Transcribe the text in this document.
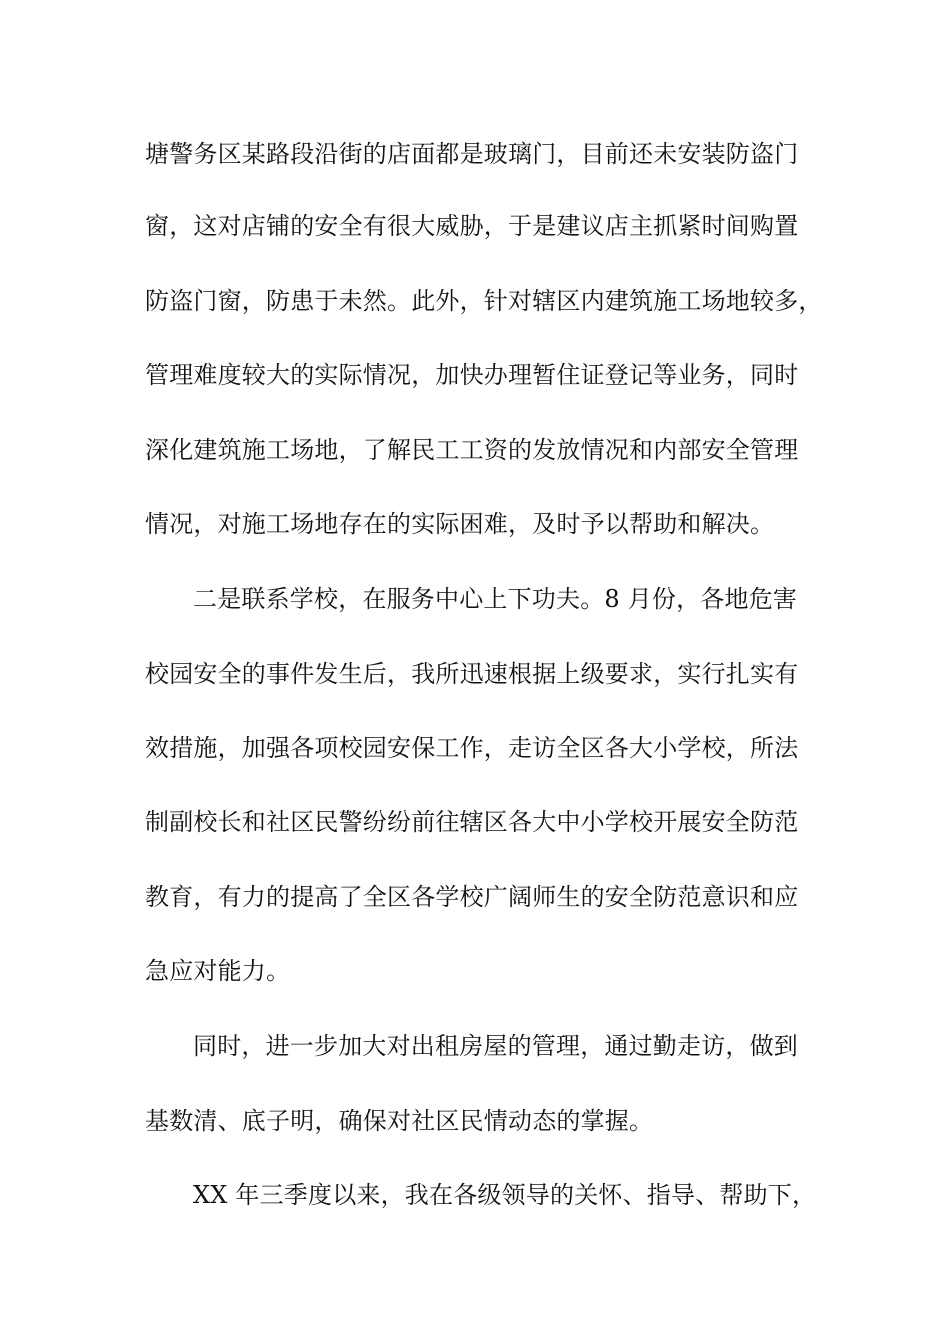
塘警务区某路段沿街的店面都是玻璃门，目前还未安装防盗门
窗，这对店铺的安全有很大威胁，于是建议店主抓紧时间购置
防盗门窗，防患于未然。此外，针对辖区内建筑施工场地较多，
管理难度较大的实际情况，加快办理暂住证登记等业务，同时
深化建筑施工场地，了解民工工资的发放情况和内部安全管理
情况，对施工场地存在的实际困难，及时予以帮助和解决。
二是联系学校，在服务中心上下功夫。8 月份，各地危害
校园安全的事件发生后，我所迅速根据上级要求，实行扎实有
效措施，加强各项校园安保工作，走访全区各大小学校，所法
制副校长和社区民警纷纷前往辖区各大中小学校开展安全防范
教育，有力的提高了全区各学校广阔师生的安全防范意识和应
急应对能力。
同时，进一步加大对出租房屋的管理，通过勤走访，做到
基数清、底子明，确保对社区民情动态的掌握。
XX 年三季度以来，我在各级领导的关怀、指导、帮助下，
